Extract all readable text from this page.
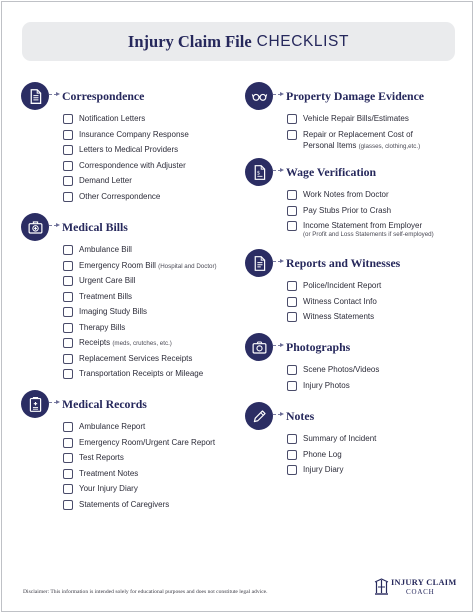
Injury Claim File CHECKLIST
Correspondence
Notification Letters
Insurance Company Response
Letters to Medical Providers
Correspondence with Adjuster
Demand Letter
Other Correspondence
Medical Bills
Ambulance Bill
Emergency Room Bill (Hospital and Doctor)
Urgent Care Bill
Treatment Bills
Imaging Study Bills
Therapy Bills
Receipts (meds, crutches, etc.)
Replacement Services Receipts
Transportation Receipts or Mileage
Medical Records
Ambulance Report
Emergency Room/Urgent Care Report
Test Reports
Treatment Notes
Your Injury Diary
Statements of Caregivers
Property Damage Evidence
Vehicle Repair Bills/Estimates
Repair or Replacement Cost of
Personal Items (glasses, clothing,etc.)
$ Wage Verification
Work Notes from Doctor
Pay Stubs Prior to Crash
Income Statement from Employer
(or Profit and Loss Statements if self-employed)
Reports and Witnesses
Police/Incident Report
Witness Contact Info
Witness Statements
Photographs
Scene Photos/Videos
Injury Photos
Notes
Summary of Incident
Phone Log
Injury Diary
Disclaimer: This information is intended solely for educational purposes and does not constitute legal advice.
INJURY CLAIM
COACH
